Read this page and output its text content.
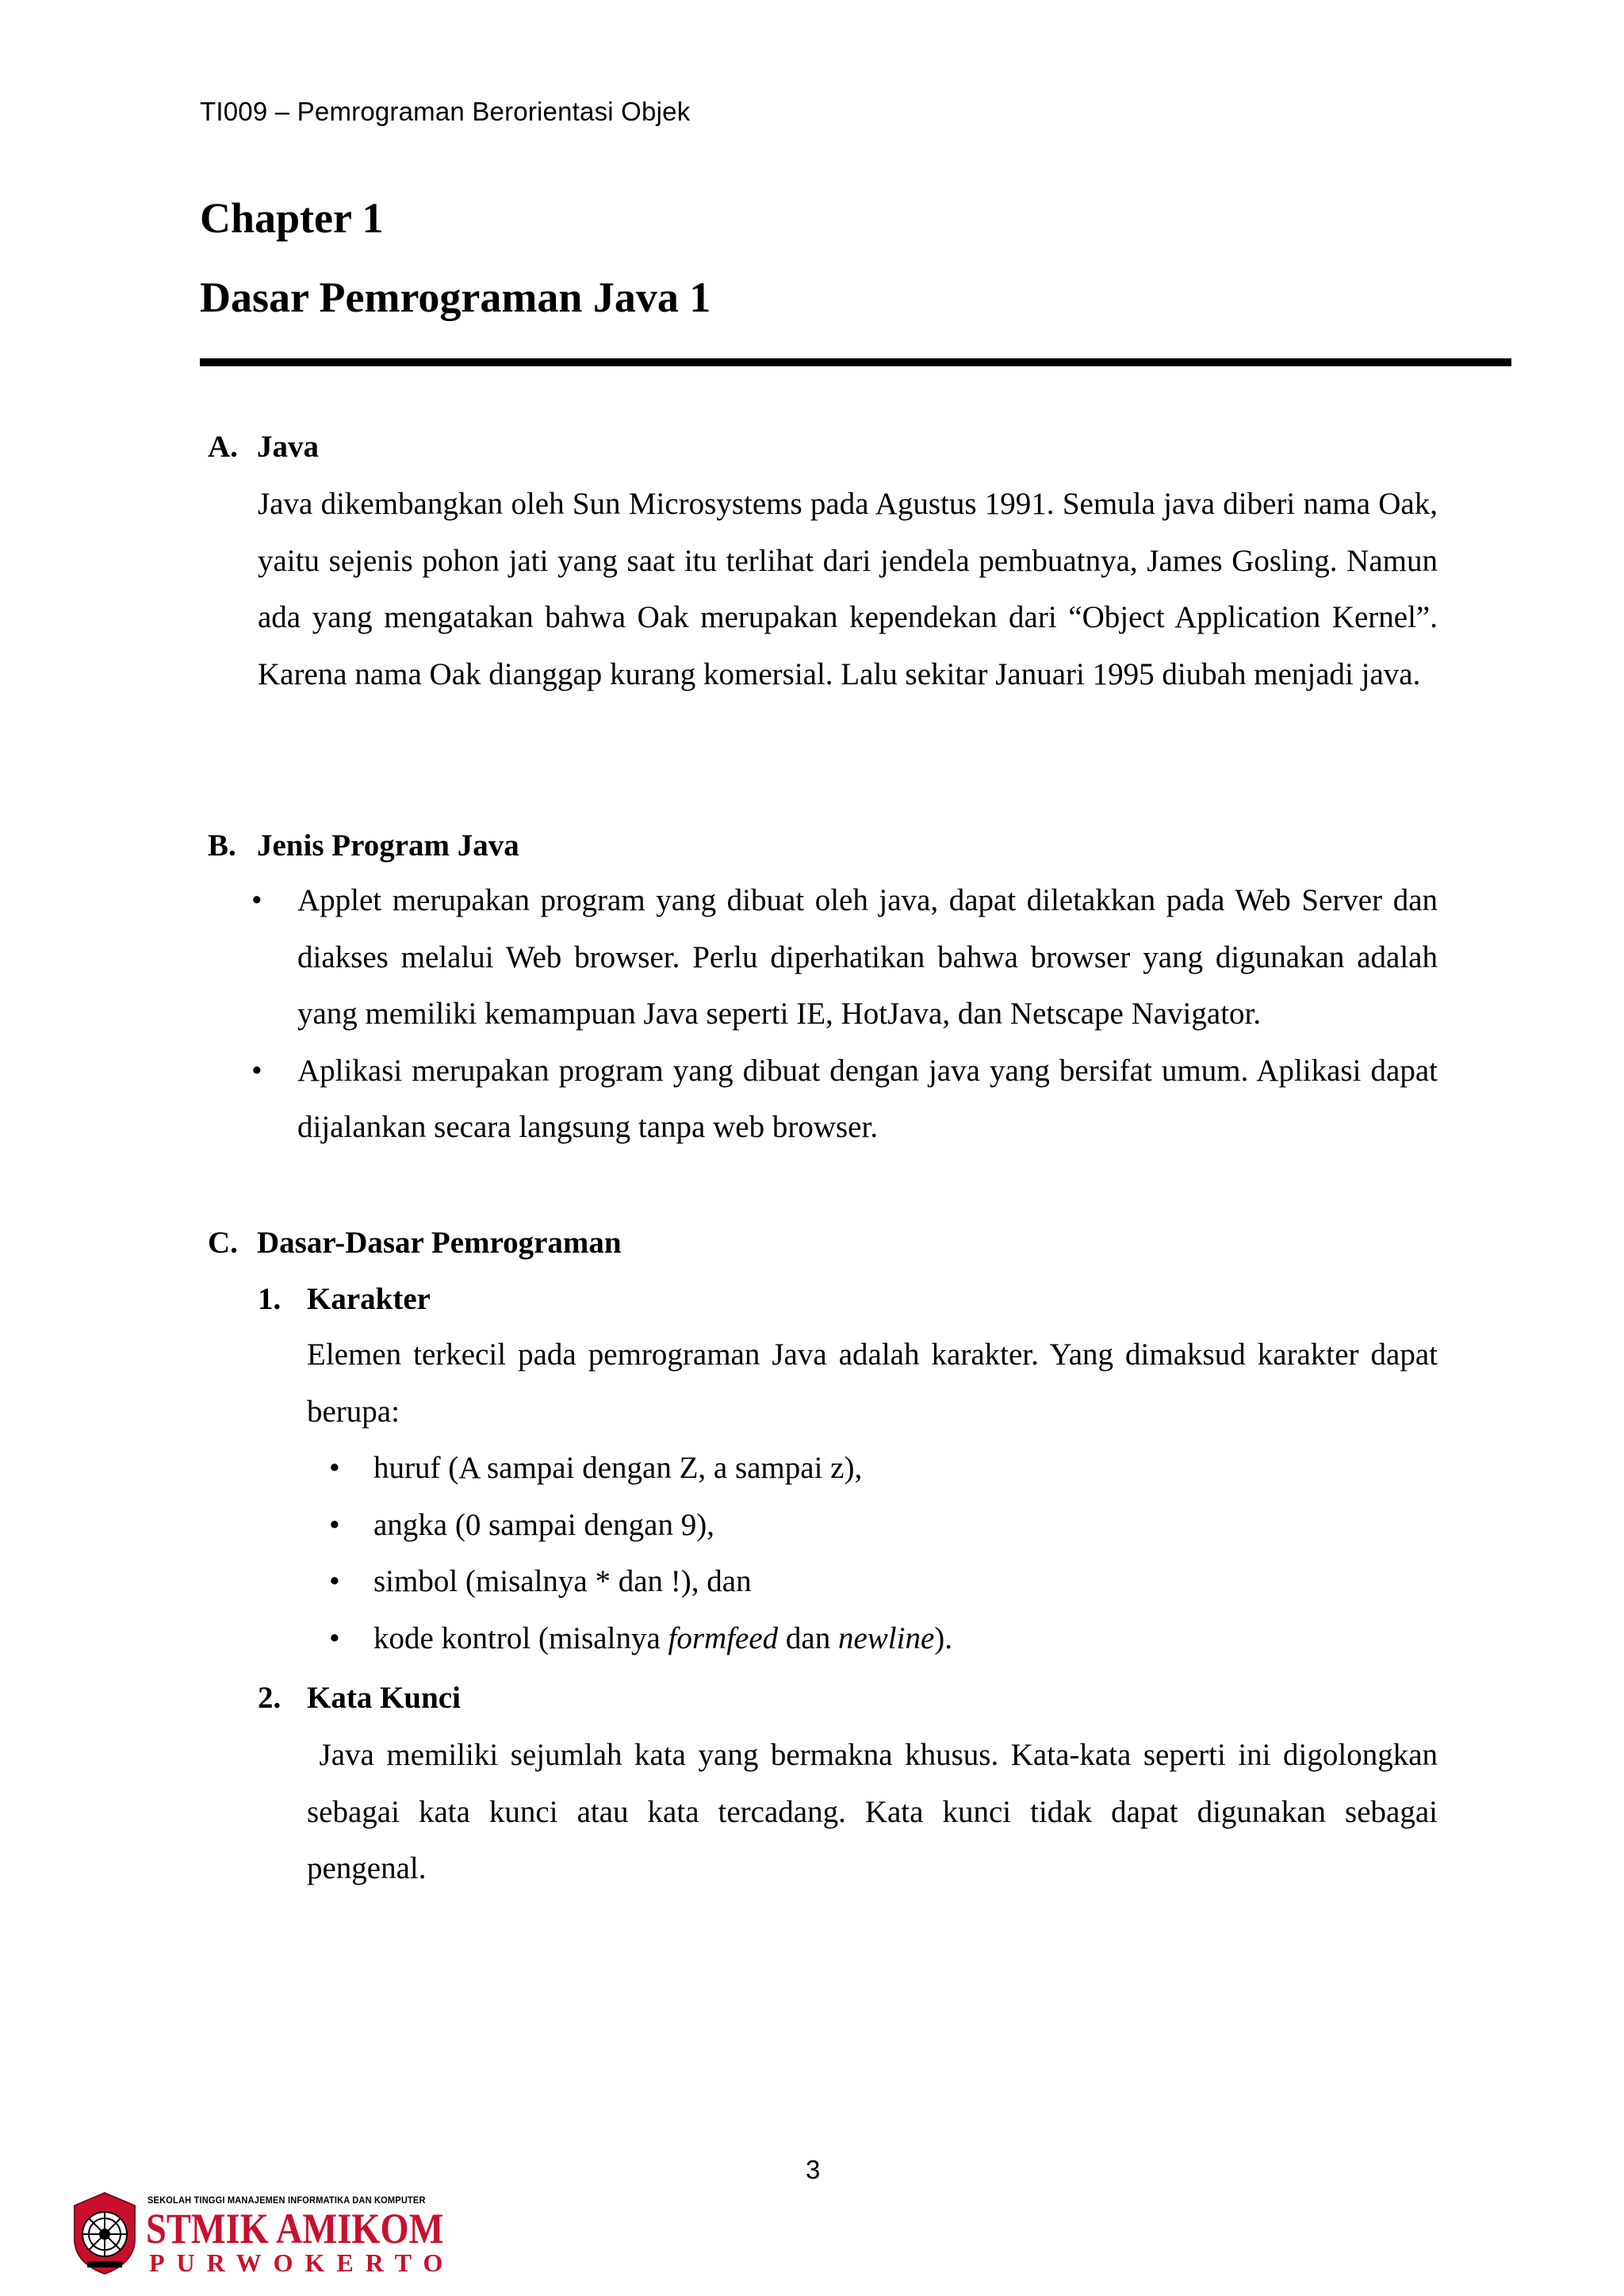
TI009 – Pemrograman Berorientasi Objek
Chapter 1
Dasar Pemrograman Java 1
A. Java

Java dikembangkan oleh Sun Microsystems pada Agustus 1991. Semula java diberi nama Oak, yaitu sejenis pohon jati yang saat itu terlihat dari jendela pembuatnya, James Gosling. Namun ada yang mengatakan bahwa Oak merupakan kependekan dari “Object Application Kernel”. Karena nama Oak dianggap kurang komersial. Lalu sekitar Januari 1995 diubah menjadi java.

B. Jenis Program Java
• Applet merupakan program yang dibuat oleh java, dapat diletakkan pada Web Server dan diakses melalui Web browser. Perlu diperhatikan bahwa browser yang digunakan adalah yang memiliki kemampuan Java seperti IE, HotJava, dan Netscape Navigator.
• Aplikasi merupakan program yang dibuat dengan java yang bersifat umum. Aplikasi dapat dijalankan secara langsung tanpa web browser.
C. Dasar-Dasar Pemrograman
1. Karakter

Elemen terkecil pada pemrograman Java adalah karakter. Yang dimaksud karakter dapat berupa:

• huruf (A sampai dengan Z, a sampai z),
• angka (0 sampai dengan 9),
• simbol (misalnya * dan !), dan
• kode kontrol (misalnya formfeed dan newline).
2. Kata Kunci

Java memiliki sejumlah kata yang bermakna khusus. Kata-kata seperti ini digolongkan sebagai kata kunci atau kata tercadang. Kata kunci tidak dapat digunakan sebagai pengenal.

3
SEKOLAH TINGGI MANAJEMEN INFORMATIKA DAN KOMPUTER
STMIK AMIKOM
PURWOKERTO
